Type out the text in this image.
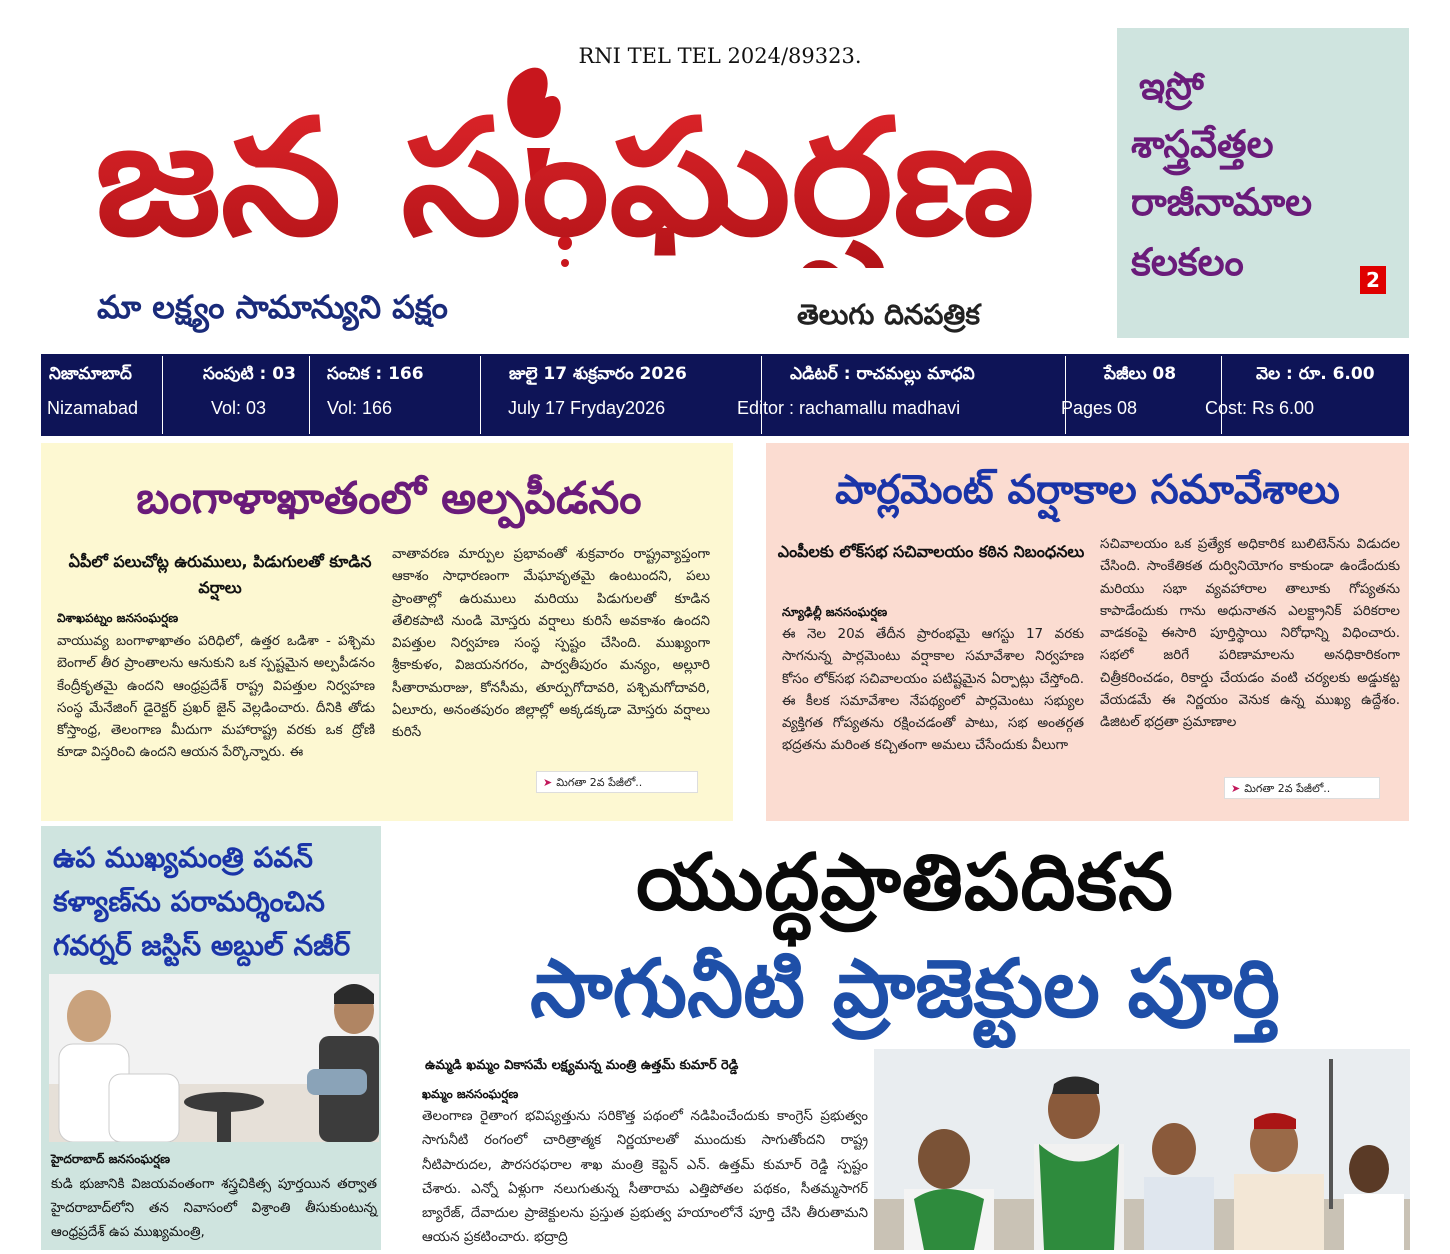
RNI TEL TEL 2024/89323.
జన సంఘర్షణ
మా లక్ష్యం సామాన్యుని పక్షం	తెలుగు దినపత్రిక
ఇస్రో
శాస్త్రవేత్తల
రాజీనామాల
కలకలం	2
నిజామాబాద్
Nizamabad
సంపుటి : 03
Vol: 03
సంచిక : 166
Vol: 166
జులై 17 శుక్రవారం 2026
July 17 Fryday2026
ఎడిటర్ : రాచమల్లు మాధవి
Editor : rachamallu madhavi
పేజీలు 08
Pages 08
వెల : రూ. 6.00
Cost: Rs 6.00
బంగాళాఖాతంలో అల్పపీడనం
ఏపీలో పలుచోట్ల ఉరుములు, పిడుగులతో కూడిన వర్షాలు
విశాఖపట్నం జనసంఘర్షణ
వాయువ్య బంగాళాఖాతం పరిధిలో, ఉత్తర ఒడిశా - పశ్చిమ బెంగాల్ తీర ప్రాంతాలను ఆనుకుని ఒక స్పష్టమైన అల్పపీడనం కేంద్రీకృతమై ఉందని ఆంధ్రప్రదేశ్ రాష్ట్ర విపత్తుల నిర్వహణ సంస్థ మేనేజింగ్ డైరెక్టర్ ప్రఖర్ జైన్ వెల్లడించారు. దీనికి తోడు కోస్తాంధ్ర, తెలంగాణ మీదుగా మహారాష్ట్ర వరకు ఒక ద్రోణి కూడా విస్తరించి ఉందని ఆయన పేర్కొన్నారు. ఈ
వాతావరణ మార్పుల ప్రభావంతో శుక్రవారం రాష్ట్రవ్యాప్తంగా ఆకాశం సాధారణంగా మేఘావృతమై ఉంటుందని, పలు ప్రాంతాల్లో ఉరుములు మరియు పిడుగులతో కూడిన తేలికపాటి నుండి మోస్తరు వర్షాలు కురిసే అవకాశం ఉందని విపత్తుల నిర్వహణ సంస్థ స్పష్టం చేసింది. ముఖ్యంగా శ్రీకాకుళం, విజయనగరం, పార్వతీపురం మన్యం, అల్లూరి సీతారామరాజు, కోనసీమ, తూర్పుగోదావరి, పశ్చిమగోదావరి, ఏలూరు, అనంతపురం జిల్లాల్లో అక్కడక్కడా మోస్తరు వర్షాలు కురిసే
➤ మిగతా 2వ పేజీలో..
పార్లమెంట్ వర్షాకాల సమావేశాలు
ఎంపీలకు లోక్‌సభ సచివాలయం కఠిన నిబంధనలు
న్యూఢిల్లీ జనసంఘర్షణ
ఈ నెల 20వ తేదీన ప్రారంభమై ఆగస్టు 17 వరకు సాగనున్న పార్లమెంటు వర్షాకాల సమావేశాల నిర్వహణ కోసం లోక్‌సభ సచివాలయం పటిష్టమైన ఏర్పాట్లు చేస్తోంది. ఈ కీలక సమావేశాల నేపథ్యంలో పార్లమెంటు సభ్యుల వ్యక్తిగత గోప్యతను రక్షించడంతో పాటు, సభ అంతర్గత భద్రతను మరింత కచ్చితంగా అమలు చేసేందుకు వీలుగా
సచివాలయం ఒక ప్రత్యేక అధికారిక బులిటెన్‌ను విడుదల చేసింది. సాంకేతికత దుర్వినియోగం కాకుండా ఉండేందుకు మరియు సభా వ్యవహారాల తాలూకు గోప్యతను కాపాడేందుకు గాను అధునాతన ఎలక్ట్రానిక్ పరికరాల వాడకంపై ఈసారి పూర్తిస్థాయి నిరోధాన్ని విధించారు. సభలో జరిగే పరిణామాలను అనధికారికంగా చిత్రీకరించడం, రికార్డు చేయడం వంటి చర్యలకు అడ్డుకట్ట వేయడమే ఈ నిర్ణయం వెనుక ఉన్న ముఖ్య ఉద్దేశం. డిజిటల్ భద్రతా ప్రమాణాల
➤ మిగతా 2వ పేజీలో..
ఉప ముఖ్యమంత్రి పవన్ కళ్యాణ్‌ను పరామర్శించిన గవర్నర్ జస్టిస్ అబ్దుల్ నజీర్
హైదరాబాద్ జనసంఘర్షణ
కుడి భుజానికి విజయవంతంగా శస్త్రచికిత్స పూర్తయిన తర్వాత హైదరాబాద్‌లోని తన నివాసంలో విశ్రాంతి తీసుకుంటున్న ఆంధ్రప్రదేశ్ ఉప ముఖ్యమంత్రి,
యుద్ధప్రాతిపదికన
సాగునీటి ప్రాజెక్టుల పూర్తి
ఉమ్మడి ఖమ్మం వికాసమే లక్ష్యమన్న మంత్రి ఉత్తమ్ కుమార్ రెడ్డి
ఖమ్మం జనసంఘర్షణ
తెలంగాణ రైతాంగ భవిష్యత్తును సరికొత్త పథంలో నడిపించేందుకు కాంగ్రెస్ ప్రభుత్వం సాగునీటి రంగంలో చారిత్రాత్మక నిర్ణయాలతో ముందుకు సాగుతోందని రాష్ట్ర నీటిపారుదల, పౌరసరఫరాల శాఖ మంత్రి కెప్టెన్ ఎన్. ఉత్తమ్ కుమార్ రెడ్డి స్పష్టం చేశారు. ఎన్నో ఏళ్లుగా నలుగుతున్న సీతారామ ఎత్తిపోతల పథకం, సీతమ్మసాగర్ బ్యారేజ్, దేవాదుల ప్రాజెక్టులను ప్రస్తుత ప్రభుత్వ హయాంలోనే పూర్తి చేసి తీరుతామని ఆయన ప్రకటించారు. భద్రాద్రి
